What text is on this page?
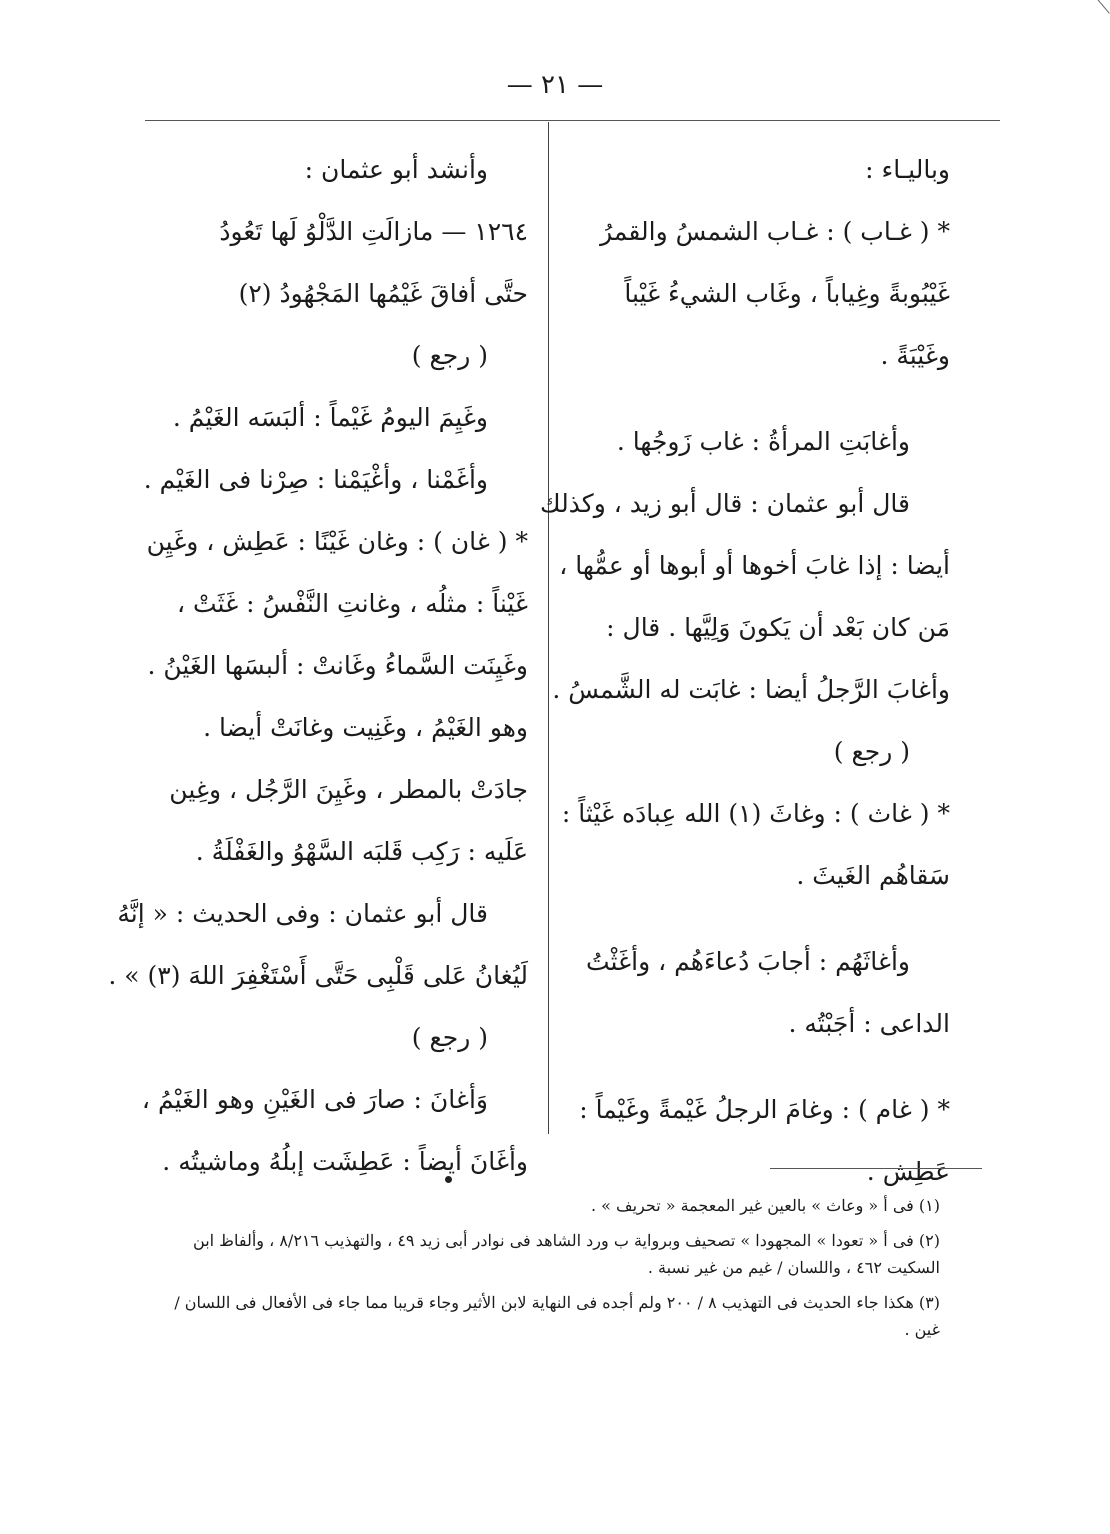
— ٢١ —
وباليـاء :
* ( غـاب ) : غـاب الشمسُ والقمرُ
غَيْبُوبةً وغِياباً ، وغَاب الشيءُ غَيْباً
وغَيْبَةً .
وأغابَتِ المرأةُ : غاب زَوجُها .
قال أبو عثمان : قال أبو زيد ، وكذلك
أيضا : إذا غابَ أخوها أو أبوها أو عمُّها ،
مَن كان بَعْد أن يَكونَ وَلِيَّها . قال :
وأغابَ الرَّجلُ أيضا : غابَت له الشَّمسُ .
( رجع )
* ( غاث ) : وغاثَ (١) الله عِبادَه غَيْثاً :
سَقاهُم الغَيثَ .
وأغاثَهُم : أجابَ دُعاءَهُم ، وأغَثْتُ
الداعى : أجَبْتُه .
* ( غام ) : وغامَ الرجلُ غَيْمةً وغَيْماً :
عَطِش .
وأنشد أبو عثمان :
١٢٦٤ — مازالَتِ الدَّلْوُ لَها تَعُودُ
حتَّى أفاقَ غَيْمُها المَجْهُودُ (٢)
( رجع )
وغَيِمَ اليومُ غَيْماً : ألبَسَه الغَيْمُ .
وأغَمْنا ، وأغْيَمْنا : صِرْنا فى الغَيْم .
* ( غان ) : وغان غَيْنًا : عَطِش ، وغَيِن
غَيْناً : مثلُه ، وغانتِ النَّفْسُ : غَثَتْ ،
وغَيِنَت السَّماءُ وغَانتْ : ألبسَها الغَيْنُ .
وهو الغَيْمُ ، وغَنِيت وغانَتْ أيضا .
جادَتْ بالمطر ، وغَيِنَ الرَّجُل ، وغِين
عَلَيه : رَكِب قَلبَه السَّهْوُ والغَفْلَةُ .
قال أبو عثمان : وفى الحديث : « إنَّهُ
لَيُغانُ عَلى قَلْبِى حَتَّى أَسْتَغْفِرَ اللهَ (٣) » .
( رجع )
وَأغانَ : صارَ فى الغَيْنِ وهو الغَيْمُ ،
وأغَانَ أيضاً : عَطِشَت إبلُهُ وماشيتُه .
(١) فى أ « وعاث » بالعين غير المعجمة « تحريف » .
(٢) فى أ « تعودا » المجهودا » تصحيف وبرواية ب ورد الشاهد فى نوادر أبى زيد ٤٩ ، والتهذيب ٨/٢١٦ ، وألفاظ ابن السكيت ٤٦٢ ، واللسان / غيم من غير نسبة .
(٣) هكذا جاء الحديث فى التهذيب ٨ / ٢٠٠ ولم أجده فى النهاية لابن الأثير وجاء قريبا مما جاء فى الأفعال فى اللسان / غين .
